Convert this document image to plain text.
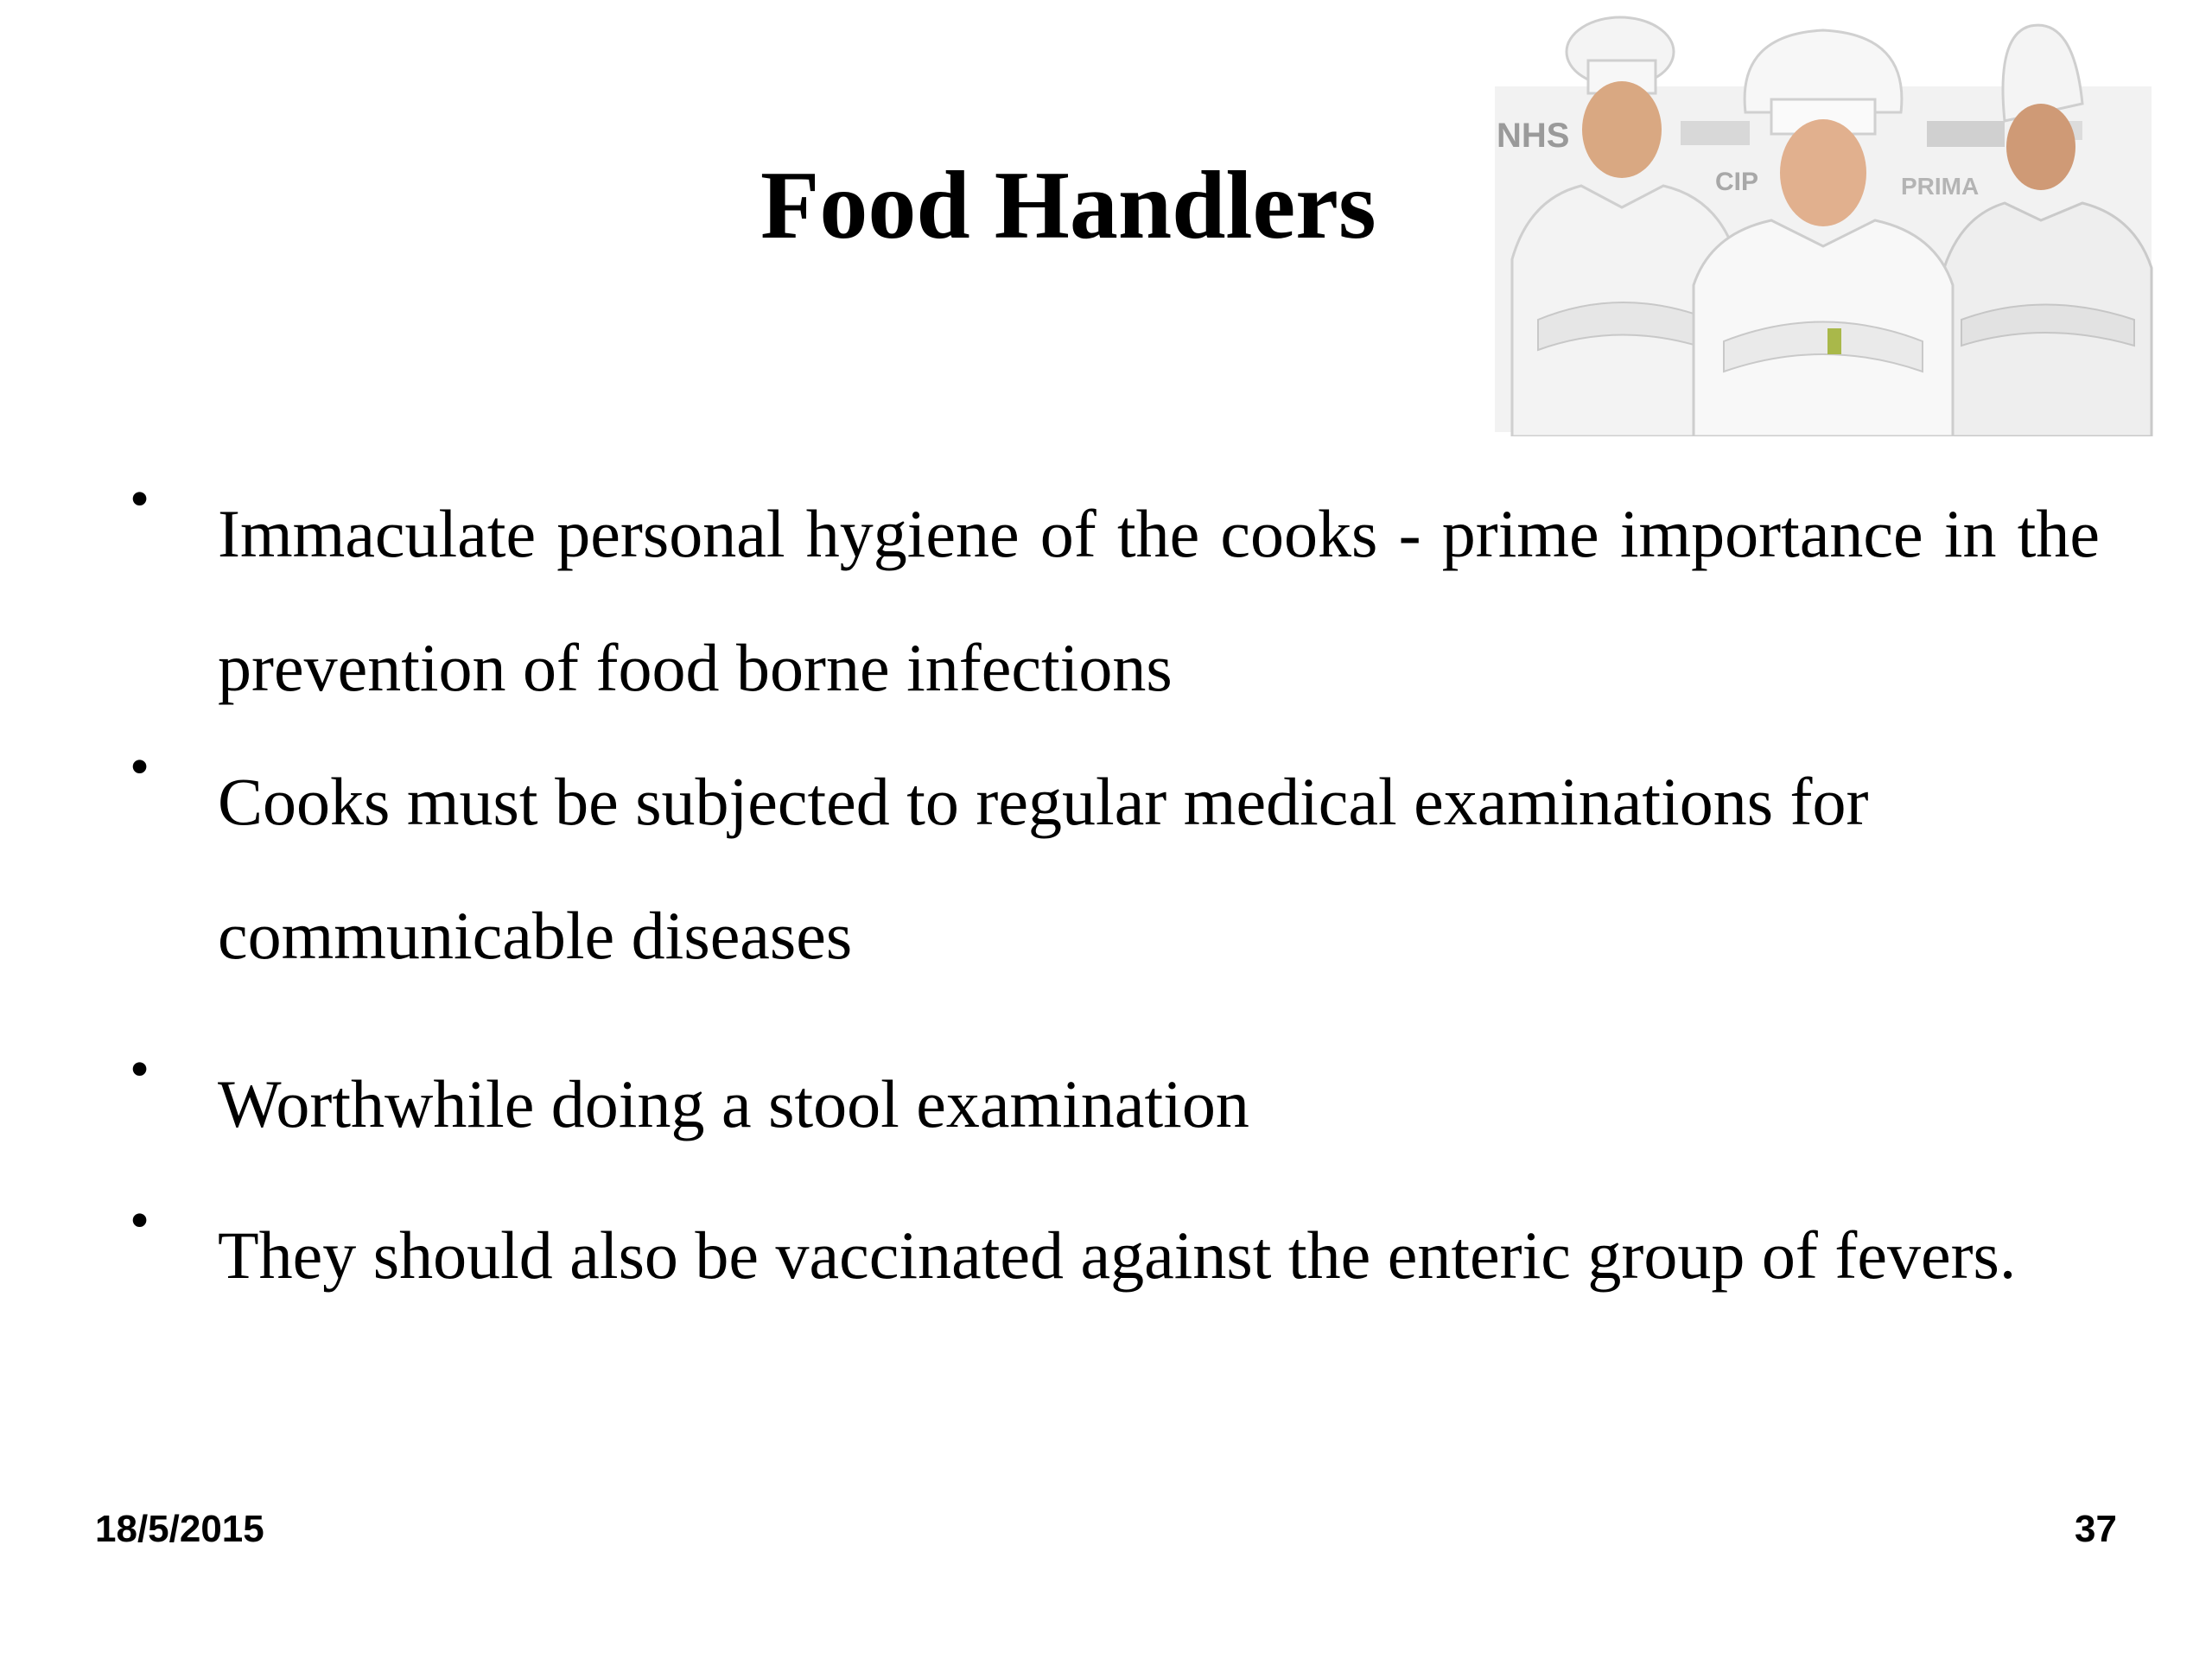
Food Handlers
NHS
CIP	PRIMA
•	Immaculate personal hygiene of the cooks - prime importance in the prevention of food borne infections
•	Cooks must be subjected to regular medical examinations for communicable diseases
•	Worthwhile doing a stool examination
•	They should also be vaccinated against the enteric group of fevers.
18/5/2015	37
